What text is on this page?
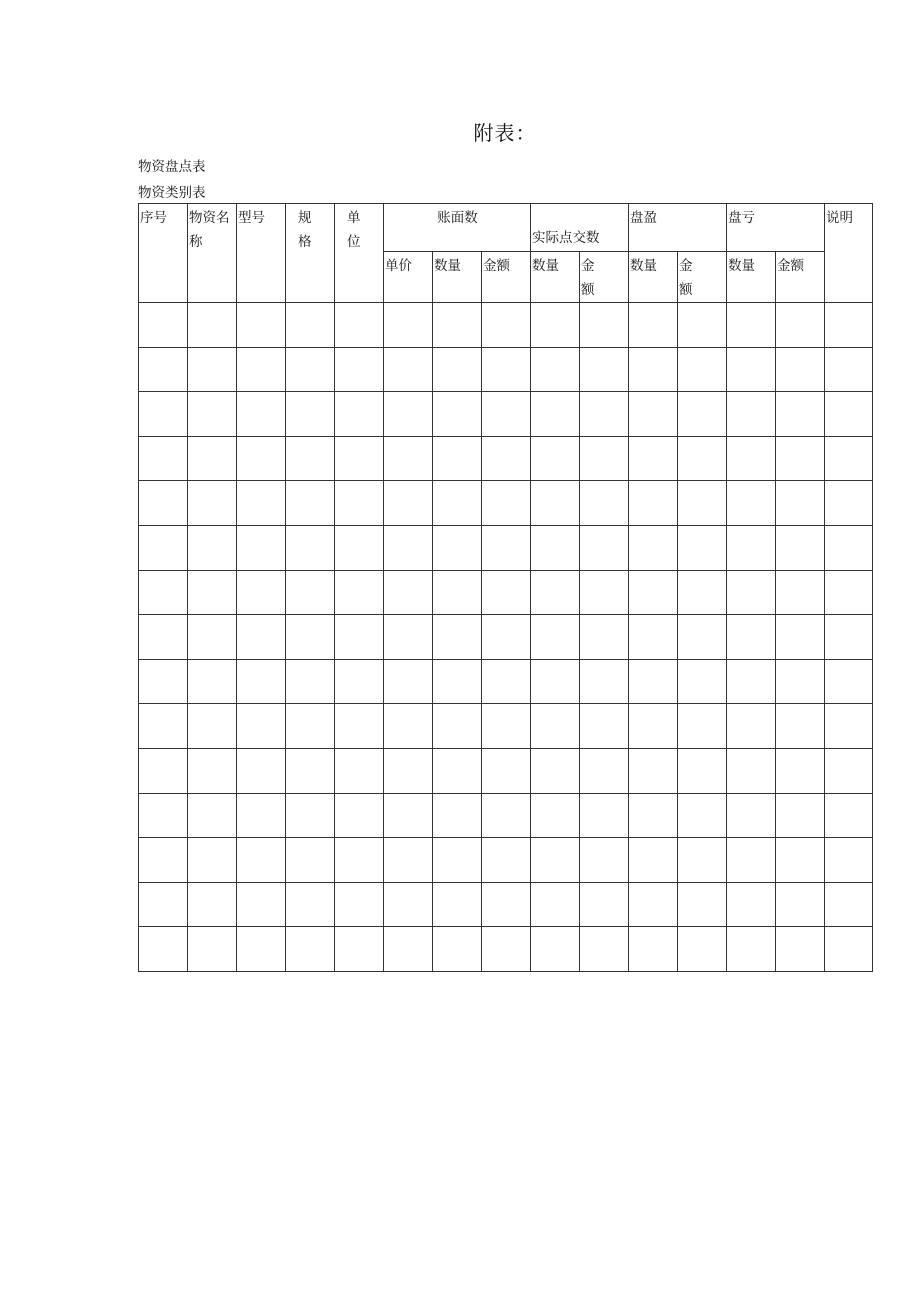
附表：
物资盘点表
物资类别表
序号	物资名称	型号	规格	单位	账面数			实际点交数		盘盈		盘亏		说明
					单价	数量	金额	数量	金额	数量	金额	数量	金额	
